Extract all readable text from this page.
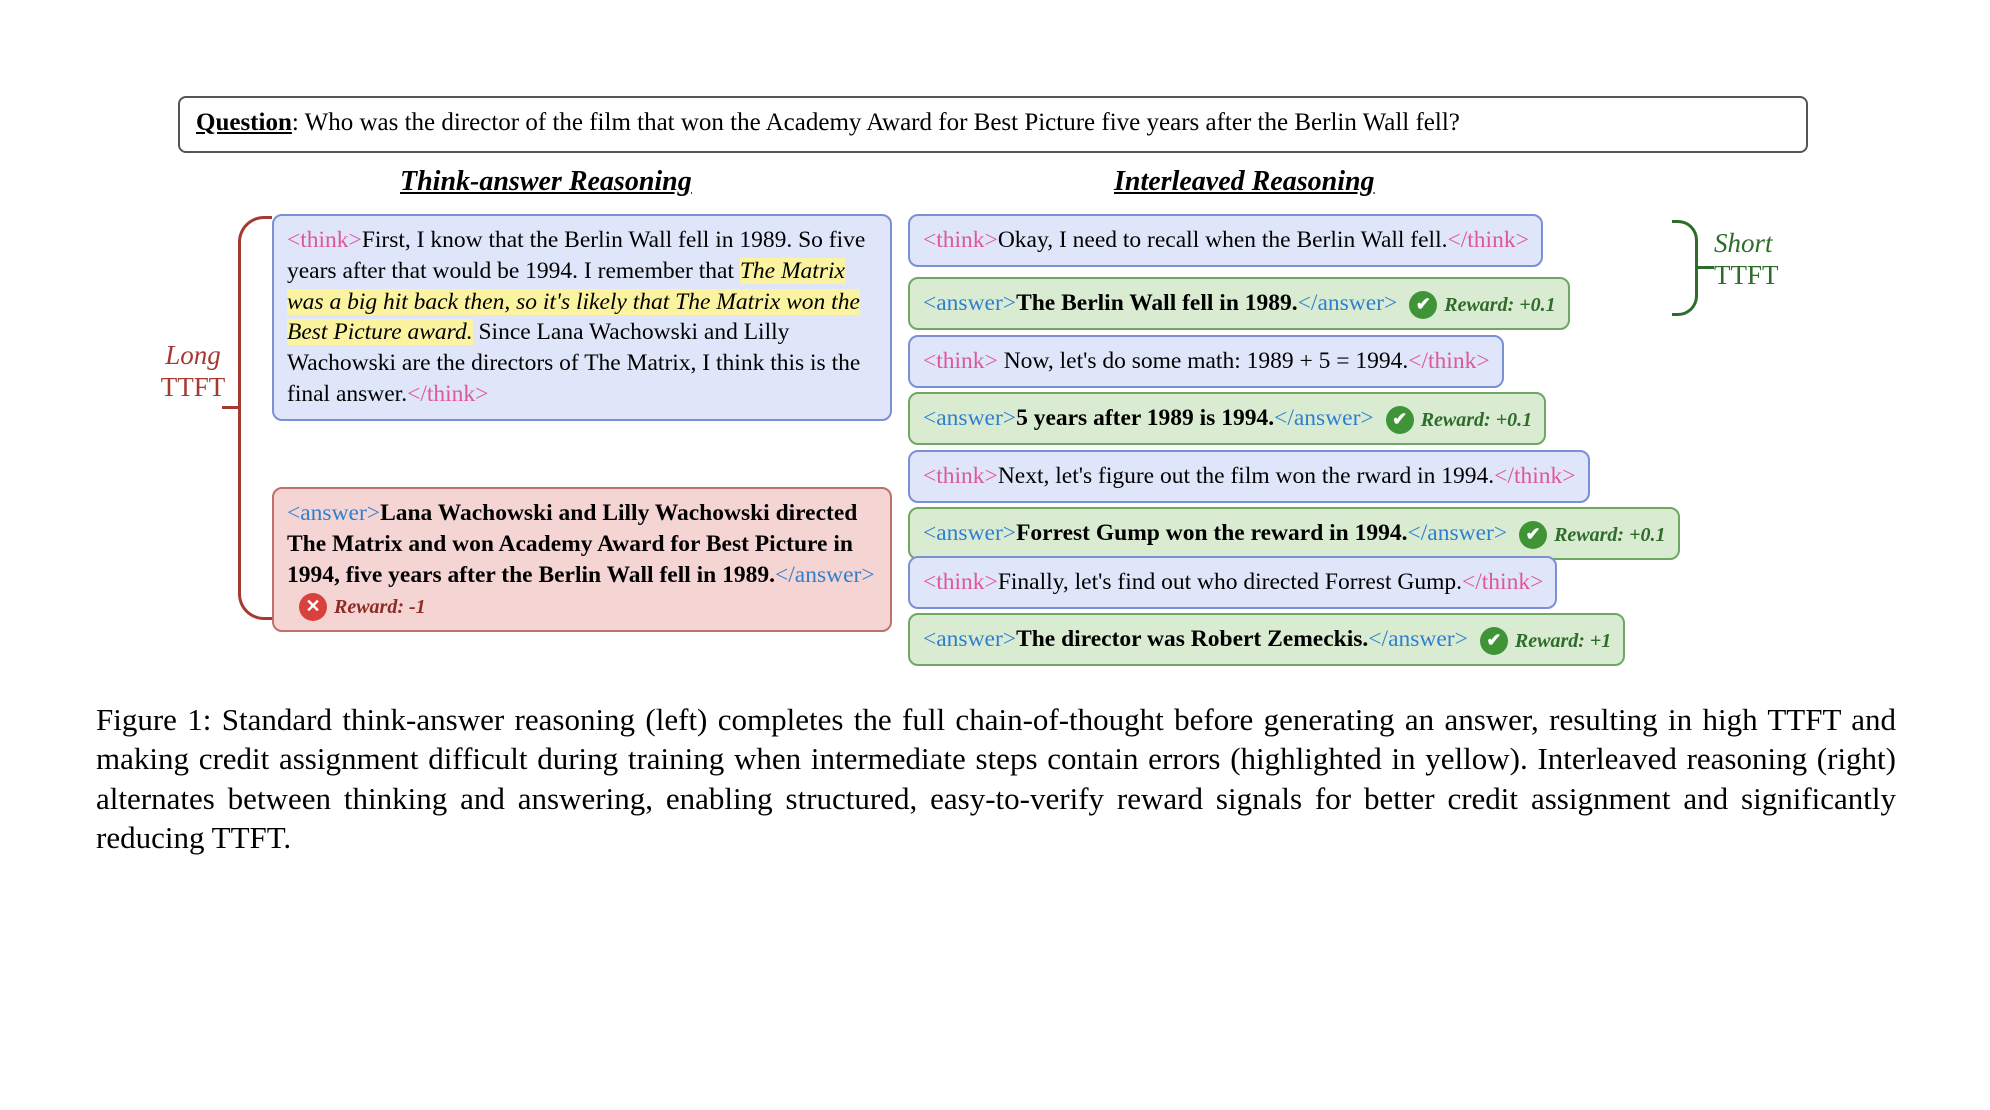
Question: Who was the director of the film that won the Academy Award for Best Picture five years after the Berlin Wall fell?
Think-answer Reasoning	Interleaved Reasoning
Long
TTFT
<think>First, I know that the Berlin Wall fell in 1989. So five years after that would be 1994. I remember that The Matrix was a big hit back then, so it's likely that The Matrix won the Best Picture award. Since Lana Wachowski and Lilly Wachowski are the directors of The Matrix, I think this is the final answer.</think>
<answer>Lana Wachowski and Lilly Wachowski directed The Matrix and won Academy Award for Best Picture in 1994, five years after the Berlin Wall fell in 1989.</answer>
✕ Reward: -1
<think>Okay, I need to recall when the Berlin Wall fell.</think>
<answer>The Berlin Wall fell in 1989.</answer>	✔ Reward: +0.1
<think> Now, let's do some math: 1989 + 5 = 1994.</think>
<answer>5 years after 1989 is 1994.</answer>	✔ Reward: +0.1
<think>Next, let's figure out the film won the rward in 1994.</think>
<answer>Forrest Gump won the reward in 1994.</answer>	✔ Reward: +0.1
<think>Finally, let's find out who directed Forrest Gump.</think>
<answer>The director was Robert Zemeckis.</answer>	✔ Reward: +1
Short
TTFT
Figure 1: Standard think-answer reasoning (left) completes the full chain-of-thought before generating an answer, resulting in high TTFT and making credit assignment difficult during training when intermediate steps contain errors (highlighted in yellow). Interleaved reasoning (right) alternates between thinking and answering, enabling structured, easy-to-verify reward signals for better credit assignment and significantly reducing TTFT.
